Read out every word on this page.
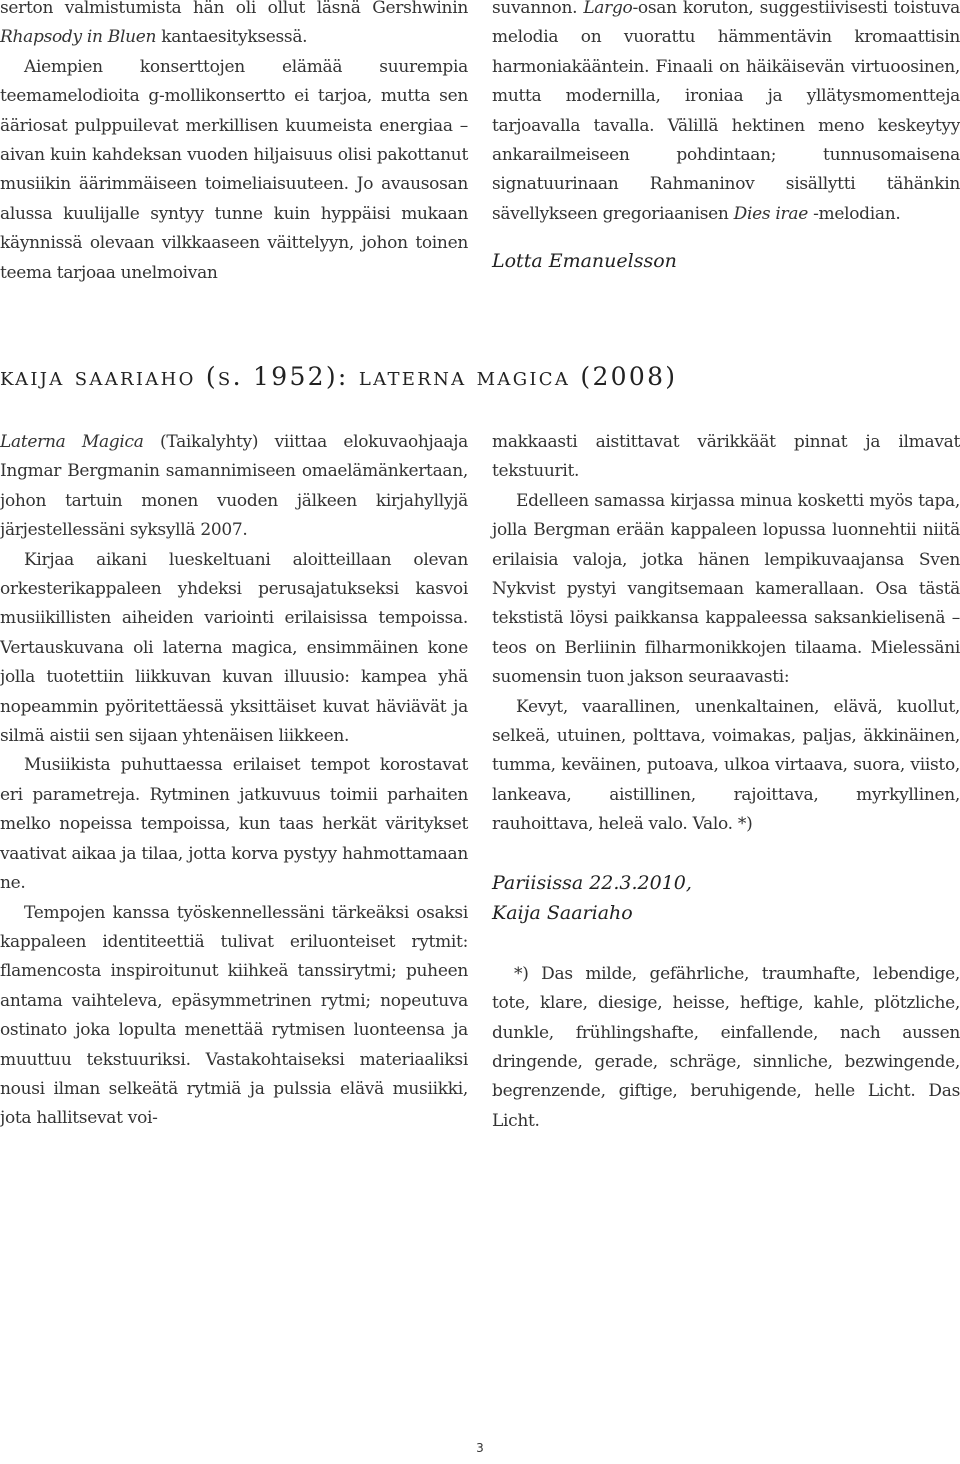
serton valmistumista hän oli ollut läsnä Gershwinin Rhapsody in Bluen kantaesityksessä.

Aiempien konserttojen elämää suurempia teemamelodioita g-mollikonsertto ei tarjoa, mutta sen ääriosat pulppuilevat merkillisen kuumeista energiaa – aivan kuin kahdeksan vuoden hiljaisuus olisi pakottanut musiikin äärimmäiseen toimeliaisuuteen. Jo avausosan alussa kuulijalle syntyy tunne kuin hyppäisi mukaan käynnissä olevaan vilkkaaseen väittelyyn, johon toinen teema tarjoaa unelmoivan

suvannon. Largo-osan koruton, suggestiivisesti toistuva melodia on vuorattu hämmentävin kromaattisin harmoniakääntein. Finaali on häikäisevän virtuoosinen, mutta modernilla, ironiaa ja yllätysmomentteja tarjoavalla tavalla. Välillä hektinen meno keskeytyy ankarailmeiseen pohdintaan; tunnusomaisena signatuurinaan Rahmaninov sisällytti tähänkin sävellykseen gregoriaanisen Dies irae -melodian.

Lotta Emanuelsson

kaija saariaho (s. 1952): laterna magica (2008)

Laterna Magica (Taikalyhty) viittaa elokuvaohjaaja Ingmar Bergmanin samannimiseen omaelämänkertaan, johon tartuin monen vuoden jälkeen kirjahyllyjä järjestellessäni syksyllä 2007.

Kirjaa aikani lueskeltuani aloitteillaan olevan orkesterikappaleen yhdeksi perusajatukseksi kasvoi musiikillisten aiheiden variointi erilaisissa tempoissa. Vertauskuvana oli laterna magica, ensimmäinen kone jolla tuotettiin liikkuvan kuvan illuusio: kampea yhä nopeammin pyöritettäessä yksittäiset kuvat häviävät ja silmä aistii sen sijaan yhtenäisen liikkeen.

Musiikista puhuttaessa erilaiset tempot korostavat eri parametreja. Rytminen jatkuvuus toimii parhaiten melko nopeissa tempoissa, kun taas herkät väritykset vaativat aikaa ja tilaa, jotta korva pystyy hahmottamaan ne.

Tempojen kanssa työskennellessäni tärkeäksi osaksi kappaleen identiteettiä tulivat eriluonteiset rytmit: flamencosta inspiroitunut kiihkeä tanssirytmi; puheen antama vaihteleva, epäsymmetrinen rytmi; nopeutuva ostinato joka lopulta menettää rytmisen luonteensa ja muuttuu tekstuuriksi. Vastakohtaiseksi materiaaliksi nousi ilman selkeätä rytmiä ja pulssia elävä musiikki, jota hallitsevat voi-

makkaasti aistittavat värikkäät pinnat ja ilmavat tekstuurit.

Edelleen samassa kirjassa minua kosketti myös tapa, jolla Bergman erään kappaleen lopussa luonnehtii niitä erilaisia valoja, jotka hänen lempikuvaajansa Sven Nykvist pystyi vangitsemaan kamerallaan. Osa tästä tekstistä löysi paikkansa kappaleessa saksankielisenä – teos on Berliinin filharmonikkojen tilaama. Mielessäni suomensin tuon jakson seuraavasti:

Kevyt, vaarallinen, unenkaltainen, elävä, kuollut, selkeä, utuinen, polttava, voimakas, paljas, äkkinäinen, tumma, keväinen, putoava, ulkoa virtaava, suora, viisto, lankeava, aistillinen, rajoittava, myrkyllinen, rauhoittava, heleä valo. Valo. *)

Pariisissa 22.3.2010,
Kaija Saariaho

*) Das milde, gefährliche, traumhafte, lebendige, tote, klare, diesige, heisse, heftige, kahle, plötzliche, dunkle, frühlingshafte, einfallende, nach aussen dringende, gerade, schräge, sinnliche, bezwingende, begrenzende, giftige, beruhigende, helle Licht. Das Licht.

3
